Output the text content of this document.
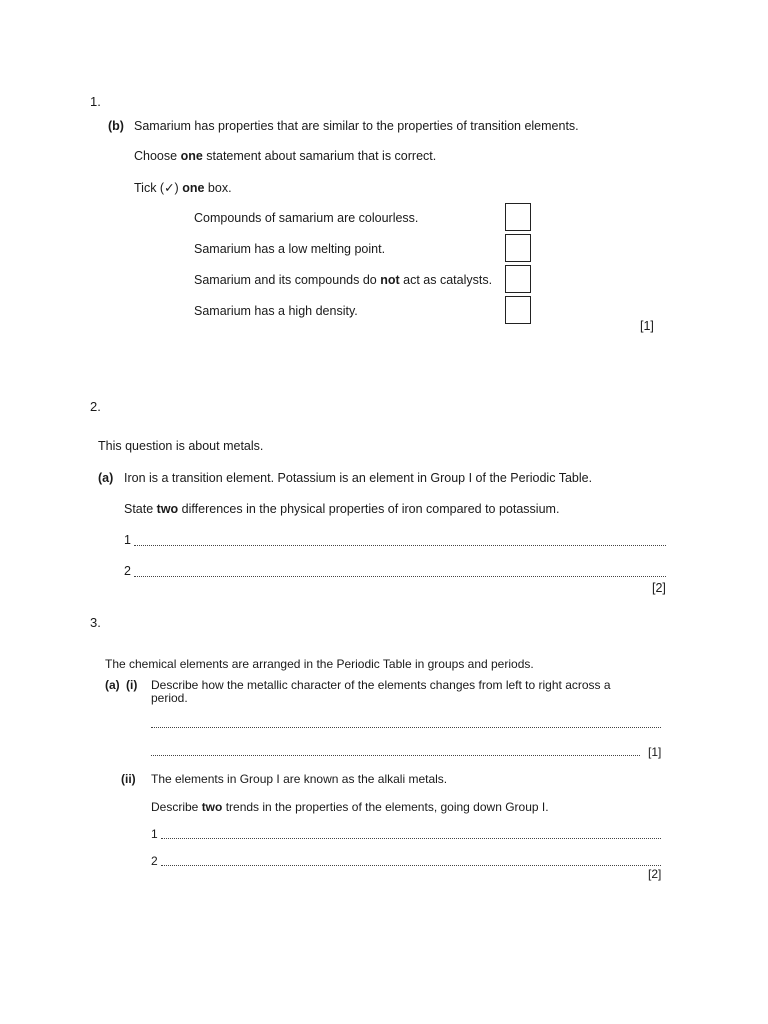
1.
(b) Samarium has properties that are similar to the properties of transition elements.
Choose one statement about samarium that is correct.
Tick (✓) one box.
Compounds of samarium are colourless.
Samarium has a low melting point.
Samarium and its compounds do not act as catalysts.
Samarium has a high density.
[1]
2.
This question is about metals.
(a) Iron is a transition element. Potassium is an element in Group I of the Periodic Table.
State two differences in the physical properties of iron compared to potassium.
1
2
[2]
3.
The chemical elements are arranged in the Periodic Table in groups and periods.
(a) (i) Describe how the metallic character of the elements changes from left to right across a
period.
[1]
(ii) The elements in Group I are known as the alkali metals.
Describe two trends in the properties of the elements, going down Group I.
1
2
[2]
